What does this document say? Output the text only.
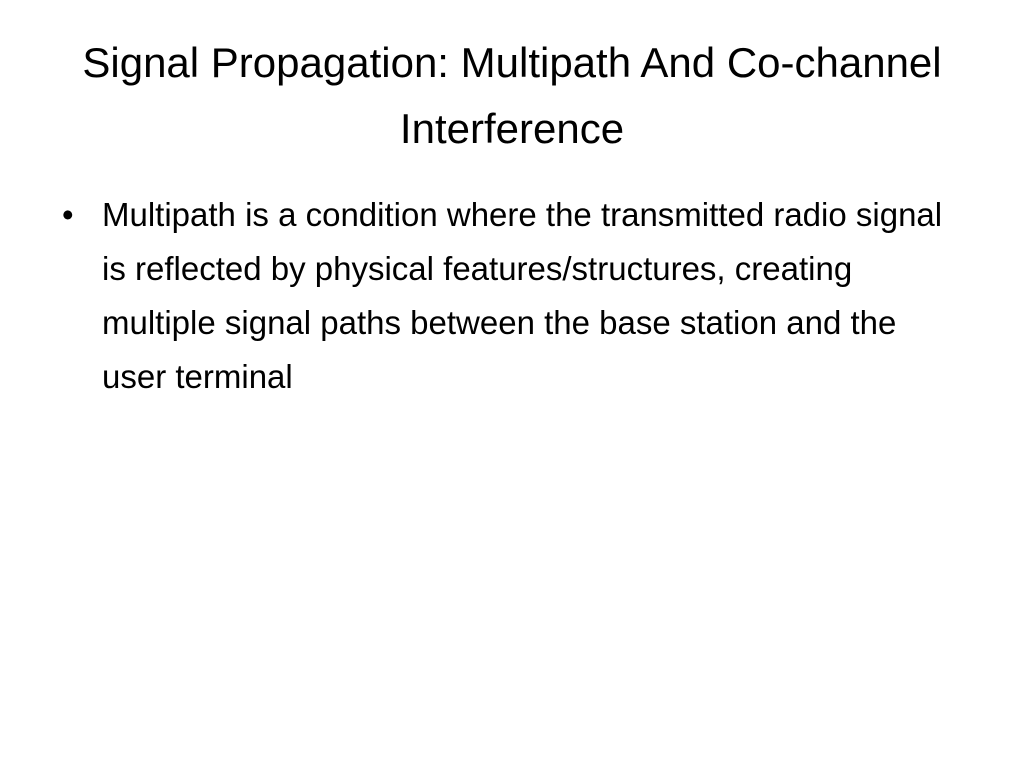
Signal Propagation: Multipath And Co-channel Interference
• Multipath is a condition where the transmitted radio signal is reflected by physical features/structures, creating multiple signal paths between the base station and the user terminal
